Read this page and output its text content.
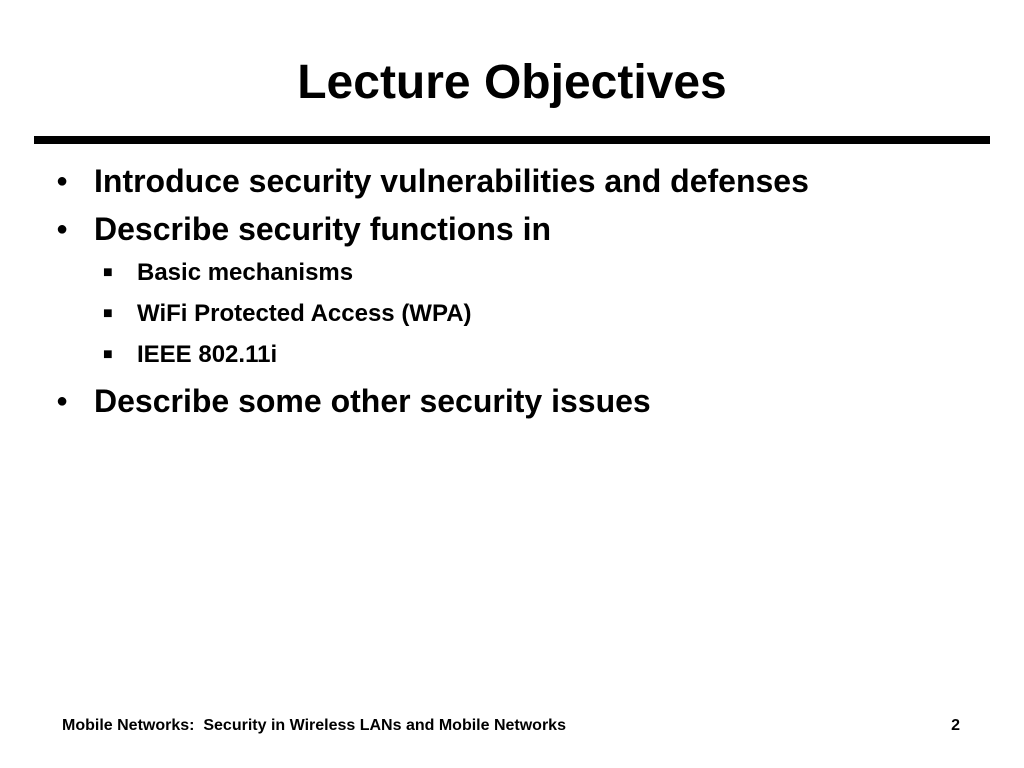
Lecture Objectives
● Introduce security vulnerabilities and defenses
● Describe security functions in
■	Basic mechanisms
■	WiFi Protected Access (WPA)
■	IEEE 802.11i
● Describe some other security issues
Mobile Networks:  Security in Wireless LANs and Mobile Networks	2
